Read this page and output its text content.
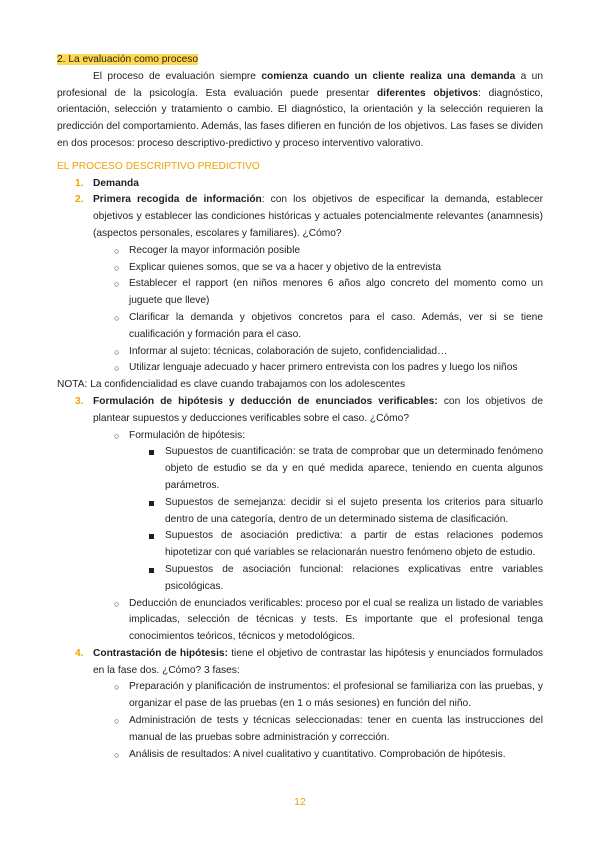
2. La evaluación como proceso

El proceso de evaluación siempre comienza cuando un cliente realiza una demanda a un profesional de la psicología. Esta evaluación puede presentar diferentes objetivos: diagnóstico, orientación, selección y tratamiento o cambio. El diagnóstico, la orientación y la selección requieren la predicción del comportamiento. Además, las fases difieren en función de los objetivos. Las fases se dividen en dos procesos: proceso descriptivo-predictivo y proceso interventivo valorativo.

EL PROCESO DESCRIPTIVO PREDICTIVO

1. Demanda
2. Primera recogida de información: con los objetivos de especificar la demanda, establecer objetivos y establecer las condiciones históricas y actuales potencialmente relevantes (anamnesis) (aspectos personales, escolares y familiares). ¿Cómo?
○ Recoger la mayor información posible
○ Explicar quienes somos, que se va a hacer y objetivo de la entrevista
○ Establecer el rapport (en niños menores 6 años algo concreto del momento como un juguete que lleve)
○ Clarificar la demanda y objetivos concretos para el caso. Además, ver si se tiene cualificación y formación para el caso.
○ Informar al sujeto: técnicas, colaboración de sujeto, confidencialidad…
○ Utilizar lenguaje adecuado y hacer primero entrevista con los padres y luego los niños

NOTA: La confidencialidad es clave cuando trabajamos con los adolescentes

3. Formulación de hipótesis y deducción de enunciados verificables: con los objetivos de plantear supuestos y deducciones verificables sobre el caso. ¿Cómo?
○ Formulación de hipótesis:
Supuestos de cuantificación: se trata de comprobar que un determinado fenómeno objeto de estudio se da y en qué medida aparece, teniendo en cuenta algunos parámetros.
Supuestos de semejanza: decidir si el sujeto presenta los criterios para situarlo dentro de una categoría, dentro de un determinado sistema de clasificación.
Supuestos de asociación predictiva: a partir de estas relaciones podemos hipotetizar con qué variables se relacionarán nuestro fenómeno objeto de estudio.
Supuestos de asociación funcional: relaciones explicativas entre variables psicológicas.
○ Deducción de enunciados verificables: proceso por el cual se realiza un listado de variables implicadas, selección de técnicas y tests. Es importante que el profesional tenga conocimientos teóricos, técnicos y metodológicos.
4. Contrastación de hipótesis: tiene el objetivo de contrastar las hipótesis y enunciados formulados en la fase dos. ¿Cómo? 3 fases:
○ Preparación y planificación de instrumentos: el profesional se familiariza con las pruebas, y organizar el pase de las pruebas (en 1 o más sesiones) en función del niño.
○ Administración de tests y técnicas seleccionadas: tener en cuenta las instrucciones del manual de las pruebas sobre administración y corrección.
○ Análisis de resultados: A nivel cualitativo y cuantitativo. Comprobación de hipótesis.
12
